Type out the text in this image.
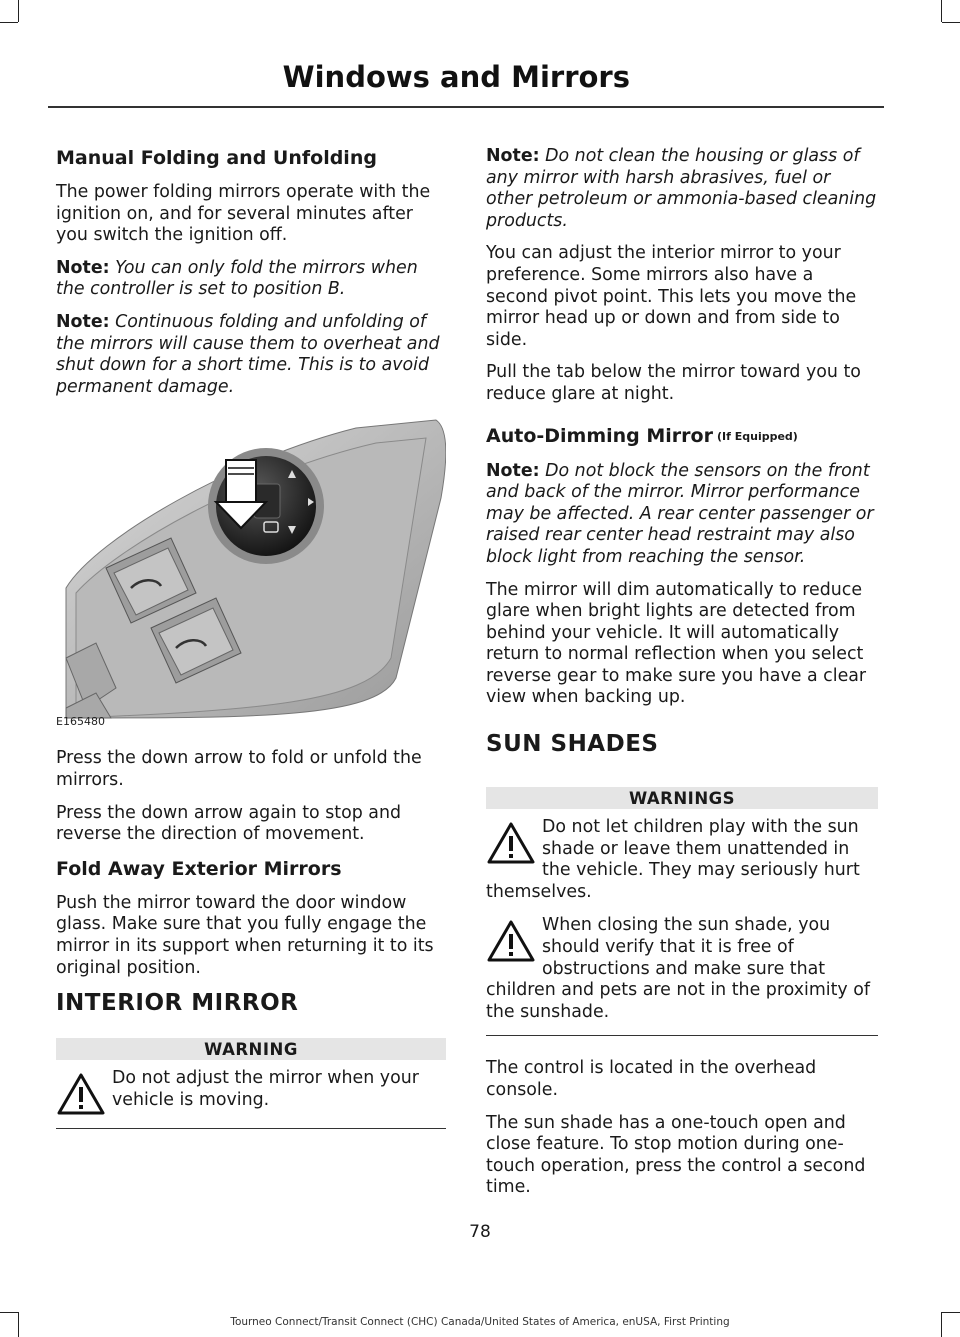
Windows and Mirrors
Manual Folding and Unfolding

The power folding mirrors operate with the ignition on, and for several minutes after you switch the ignition off.

Note: You can only fold the mirrors when the controller is set to position B.

Note: Continuous folding and unfolding of the mirrors will cause them to overheat and shut down for a short time. This is to avoid permanent damage.

E165480

Press the down arrow to fold or unfold the mirrors.

Press the down arrow again to stop and reverse the direction of movement.

Fold Away Exterior Mirrors

Push the mirror toward the door window glass. Make sure that you fully engage the mirror in its support when returning it to its original position.

INTERIOR MIRROR
WARNING
Do not adjust the mirror when your vehicle is moving.

Note: Do not clean the housing or glass of any mirror with harsh abrasives, fuel or other petroleum or ammonia-based cleaning products.

You can adjust the interior mirror to your preference. Some mirrors also have a second pivot point. This lets you move the mirror head up or down and from side to side.

Pull the tab below the mirror toward you to reduce glare at night.

Auto-Dimming Mirror (If Equipped)

Note: Do not block the sensors on the front and back of the mirror. Mirror performance may be affected. A rear center passenger or raised rear center head restraint may also block light from reaching the sensor.

The mirror will dim automatically to reduce glare when bright lights are detected from behind your vehicle. It will automatically return to normal reflection when you select reverse gear to make sure you have a clear view when backing up.

SUN SHADES
WARNINGS
Do not let children play with the sun shade or leave them unattended in the vehicle. They may seriously hurt themselves.
When closing the sun shade, you should verify that it is free of obstructions and make sure that children and pets are not in the proximity of the sunshade.

The control is located in the overhead console.

The sun shade has a one-touch open and close feature. To stop motion during one-touch operation, press the control a second time.

78
Tourneo Connect/Transit Connect (CHC) Canada/United States of America, enUSA, First Printing
